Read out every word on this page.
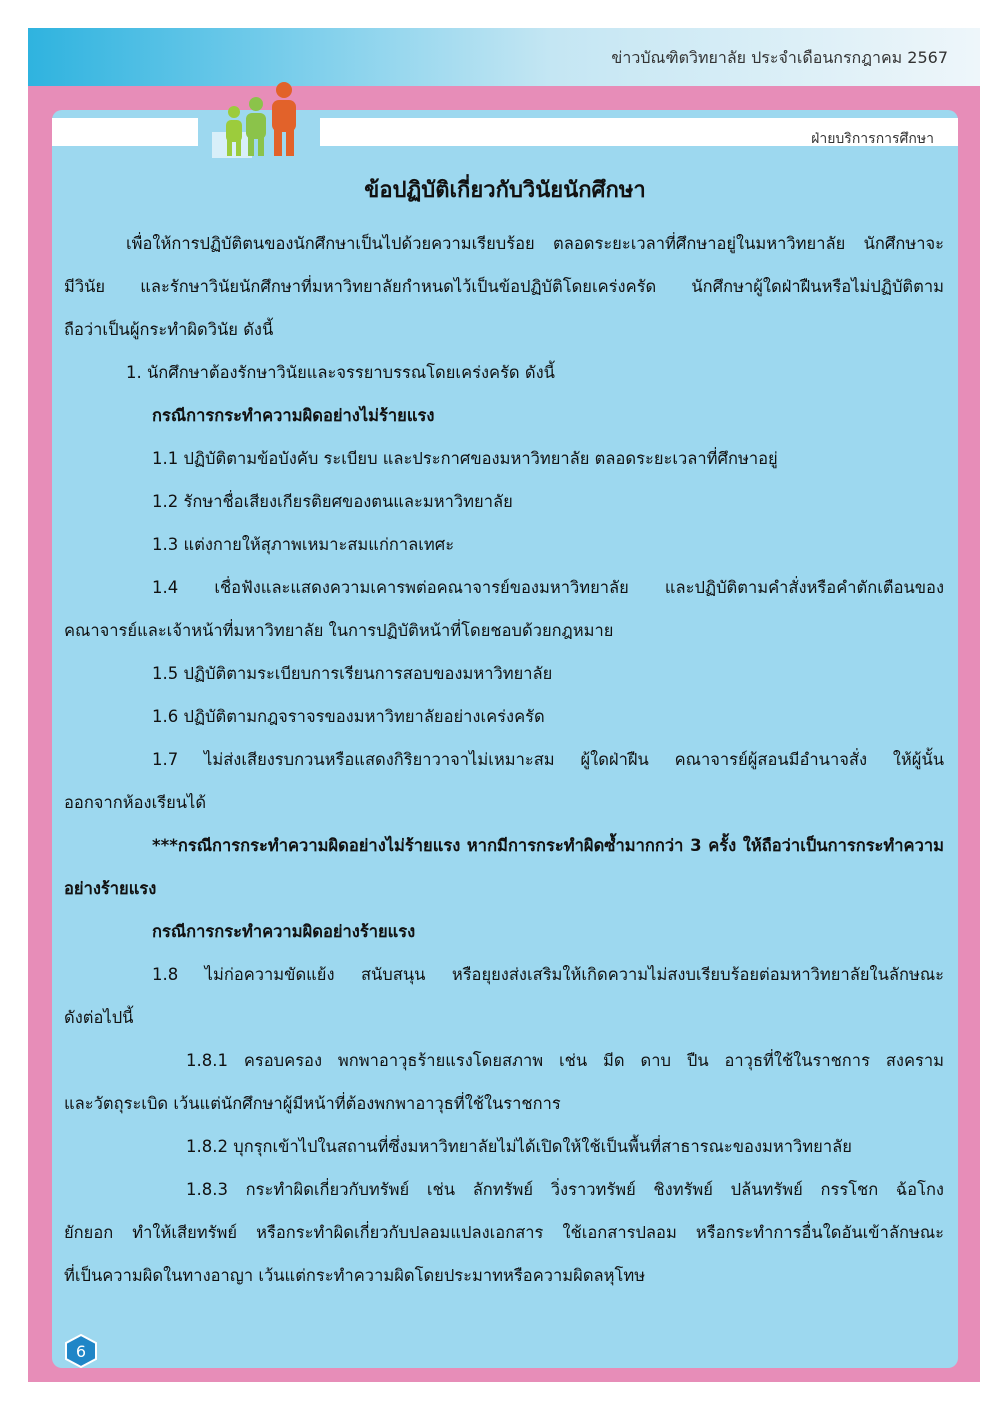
ข่าวบัณฑิตวิทยาลัย ประจำเดือนกรกฎาคม 2567
ฝ่ายบริการการศึกษา
ข้อปฏิบัติเกี่ยวกับวินัยนักศึกษา
เพื่อให้การปฏิบัติตนของนักศึกษาเป็นไปด้วยความเรียบร้อย ตลอดระยะเวลาที่ศึกษาอยู่ในมหาวิทยาลัย นักศึกษาจะ
มีวินัย และรักษาวินัยนักศึกษาที่มหาวิทยาลัยกำหนดไว้เป็นข้อปฏิบัติโดยเคร่งครัด นักศึกษาผู้ใดฝ่าฝืนหรือไม่ปฏิบัติตาม
ถือว่าเป็นผู้กระทำผิดวินัย ดังนี้
1. นักศึกษาต้องรักษาวินัยและจรรยาบรรณโดยเคร่งครัด ดังนี้
กรณีการกระทำความผิดอย่างไม่ร้ายแรง
1.1 ปฏิบัติตามข้อบังคับ ระเบียบ และประกาศของมหาวิทยาลัย ตลอดระยะเวลาที่ศึกษาอยู่
1.2 รักษาชื่อเสียงเกียรติยศของตนและมหาวิทยาลัย
1.3 แต่งกายให้สุภาพเหมาะสมแก่กาลเทศะ
1.4 เชื่อฟังและแสดงความเคารพต่อคณาจารย์ของมหาวิทยาลัย และปฏิบัติตามคำสั่งหรือคำตักเตือนของ
คณาจารย์และเจ้าหน้าที่มหาวิทยาลัย ในการปฏิบัติหน้าที่โดยชอบด้วยกฎหมาย
1.5 ปฏิบัติตามระเบียบการเรียนการสอบของมหาวิทยาลัย
1.6 ปฏิบัติตามกฎจราจรของมหาวิทยาลัยอย่างเคร่งครัด
1.7 ไม่ส่งเสียงรบกวนหรือแสดงกิริยาวาจาไม่เหมาะสม ผู้ใดฝ่าฝืน คณาจารย์ผู้สอนมีอำนาจสั่ง ให้ผู้นั้น
ออกจากห้องเรียนได้
***กรณีการกระทำความผิดอย่างไม่ร้ายแรง หากมีการกระทำผิดซ้ำมากกว่า 3 ครั้ง ให้ถือว่าเป็นการกระทำความ
อย่างร้ายแรง
กรณีการกระทำความผิดอย่างร้ายแรง
1.8 ไม่ก่อความขัดแย้ง สนับสนุน หรือยุยงส่งเสริมให้เกิดความไม่สงบเรียบร้อยต่อมหาวิทยาลัยในลักษณะ
ดังต่อไปนี้
1.8.1 ครอบครอง พกพาอาวุธร้ายแรงโดยสภาพ เช่น มีด ดาบ ปืน อาวุธที่ใช้ในราชการ สงคราม
และวัตถุระเบิด เว้นแต่นักศึกษาผู้มีหน้าที่ต้องพกพาอาวุธที่ใช้ในราชการ
1.8.2 บุกรุกเข้าไปในสถานที่ซึ่งมหาวิทยาลัยไม่ได้เปิดให้ใช้เป็นพื้นที่สาธารณะของมหาวิทยาลัย
1.8.3 กระทำผิดเกี่ยวกับทรัพย์ เช่น ลักทรัพย์ วิ่งราวทรัพย์ ชิงทรัพย์ ปล้นทรัพย์ กรรโชก ฉ้อโกง
ยักยอก ทำให้เสียทรัพย์ หรือกระทำผิดเกี่ยวกับปลอมแปลงเอกสาร ใช้เอกสารปลอม หรือกระทำการอื่นใดอันเข้าลักษณะ
ที่เป็นความผิดในทางอาญา เว้นแต่กระทำความผิดโดยประมาทหรือความผิดลหุโทษ
6
